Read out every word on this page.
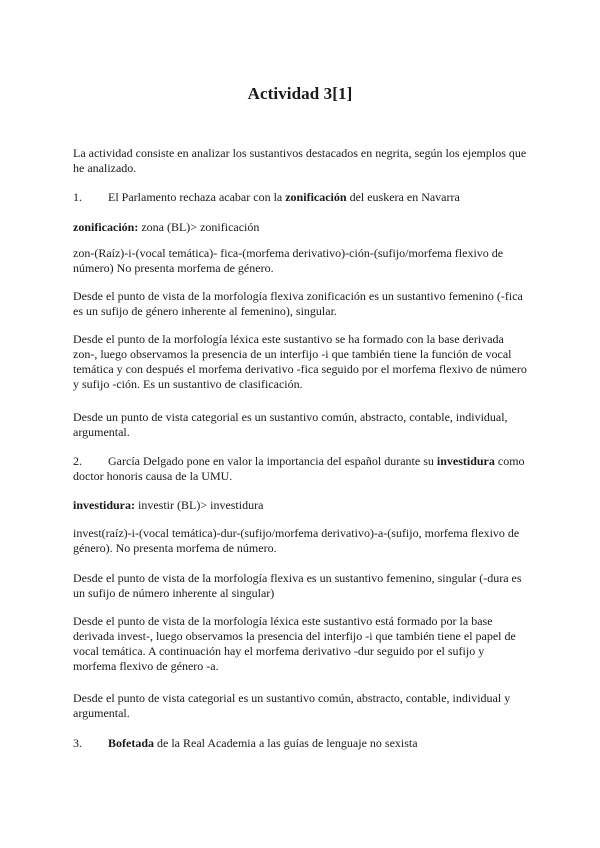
Actividad 3[1]

La actividad consiste en analizar los sustantivos destacados en negrita, según los ejemplos que he analizado.

1. El Parlamento rechaza acabar con la zonificación del euskera en Navarra

zonificación: zona (BL)> zonificación

zon-(Raíz)-i-(vocal temática)- fica-(morfema derivativo)-ción-(sufijo/morfema flexivo de número) No presenta morfema de género.

Desde el punto de vista de la morfología flexiva zonificación es un sustantivo femenino (-fica es un sufijo de género inherente al femenino), singular.

Desde el punto de la morfología léxica este sustantivo se ha formado con la base derivada zon-, luego observamos la presencia de un interfijo -i que también tiene la función de vocal temática y con después el morfema derivativo -fica seguido por el morfema flexivo de número y sufijo -ción. Es un sustantivo de clasificación.

Desde un punto de vista categorial es un sustantivo común, abstracto, contable, individual, argumental.

2. García Delgado pone en valor la importancia del español durante su investidura como doctor honoris causa de la UMU.

investidura: investir (BL)> investidura

invest(raíz)-i-(vocal temática)-dur-(sufijo/morfema derivativo)-a-(sufijo, morfema flexivo de género). No presenta morfema de número.

Desde el punto de vista de la morfología flexiva es un sustantivo femenino, singular (-dura es un sufijo de número inherente al singular)

Desde el punto de vista de la morfología léxica este sustantivo está formado por la base derivada invest-, luego observamos la presencia del interfijo -i que también tiene el papel de vocal temática. A continuación hay el morfema derivativo -dur seguido por el sufijo y morfema flexivo de género -a.

Desde el punto de vista categorial es un sustantivo común, abstracto, contable, individual y argumental.

3. Bofetada de la Real Academia a las guías de lenguaje no sexista
